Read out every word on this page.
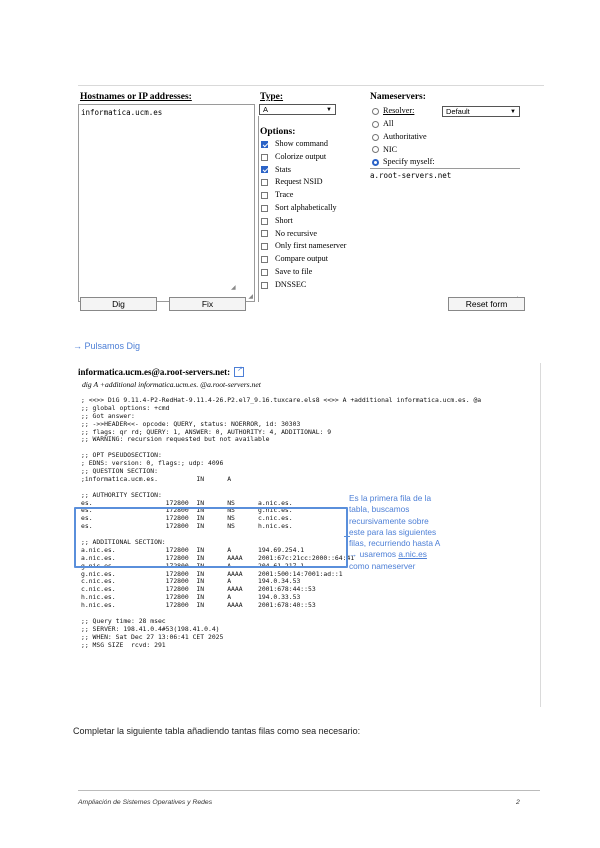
Hostnames or IP addresses:
informatica.ucm.es
◢
Type:
A	▼
Options:
Show command
Colorize output
Stats
Request NSID
Trace
Sort alphabetically
Short
No recursive
Only first nameserver
Compare output
Save to file
DNSSEC
◢
Nameservers:
Resolver:	Default	▼
All
Authoritative
NIC
Specify myself:
a.root-servers.net
Dig	Fix	Reset form
→ Pulsamos Dig
informatica.ucm.es@a.root-servers.net: ↗
dig A +additional informatica.ucm.es. @a.root-servers.net
; <<>> DiG 9.11.4-P2-RedHat-9.11.4-26.P2.el7_9.16.tuxcare.els8 <<>> A +additional informatica.ucm.es. @a
;; global options: +cmd
;; Got answer:
;; ->>HEADER<<- opcode: QUERY, status: NOERROR, id: 30303
;; flags: qr rd; QUERY: 1, ANSWER: 0, AUTHORITY: 4, ADDITIONAL: 9
;; WARNING: recursion requested but not available
;; OPT PSEUDOSECTION:
; EDNS: version: 0, flags:; udp: 4096
;; QUESTION SECTION:
;informatica.ucm.es.          IN      A
;; AUTHORITY SECTION:
es.                   172800  IN      NS      a.nic.es.
es.                   172800  IN      NS      g.nic.es.
es.                   172800  IN      NS      c.nic.es.
es.                   172800  IN      NS      h.nic.es.
;; ADDITIONAL SECTION:
a.nic.es.             172800  IN      A       194.69.254.1
a.nic.es.             172800  IN      AAAA    2001:67c:21cc:2000::64:41
g.nic.es.             172800  IN      A       204.61.217.1
g.nic.es.             172800  IN      AAAA    2001:500:14:7001:ad::1
c.nic.es.             172800  IN      A       194.0.34.53
c.nic.es.             172800  IN      AAAA    2001:678:44::53
h.nic.es.             172800  IN      A       194.0.33.53
h.nic.es.             172800  IN      AAAA    2001:678:40::53
;; Query time: 28 msec
;; SERVER: 198.41.0.4#53(198.41.0.4)
;; WHEN: Sat Dec 27 13:06:41 CET 2025
;; MSG SIZE  rcvd: 291
Es la primera fila de la
tabla, buscamos
recursivamente sobre
este para las siguientes
filas, recurriendo hasta A
→ usaremos a.nic.es
como nameserver
Completar la siguiente tabla añadiendo tantas filas como sea necesario:
Ampliación de Sistemes Operatives y Redes	2
